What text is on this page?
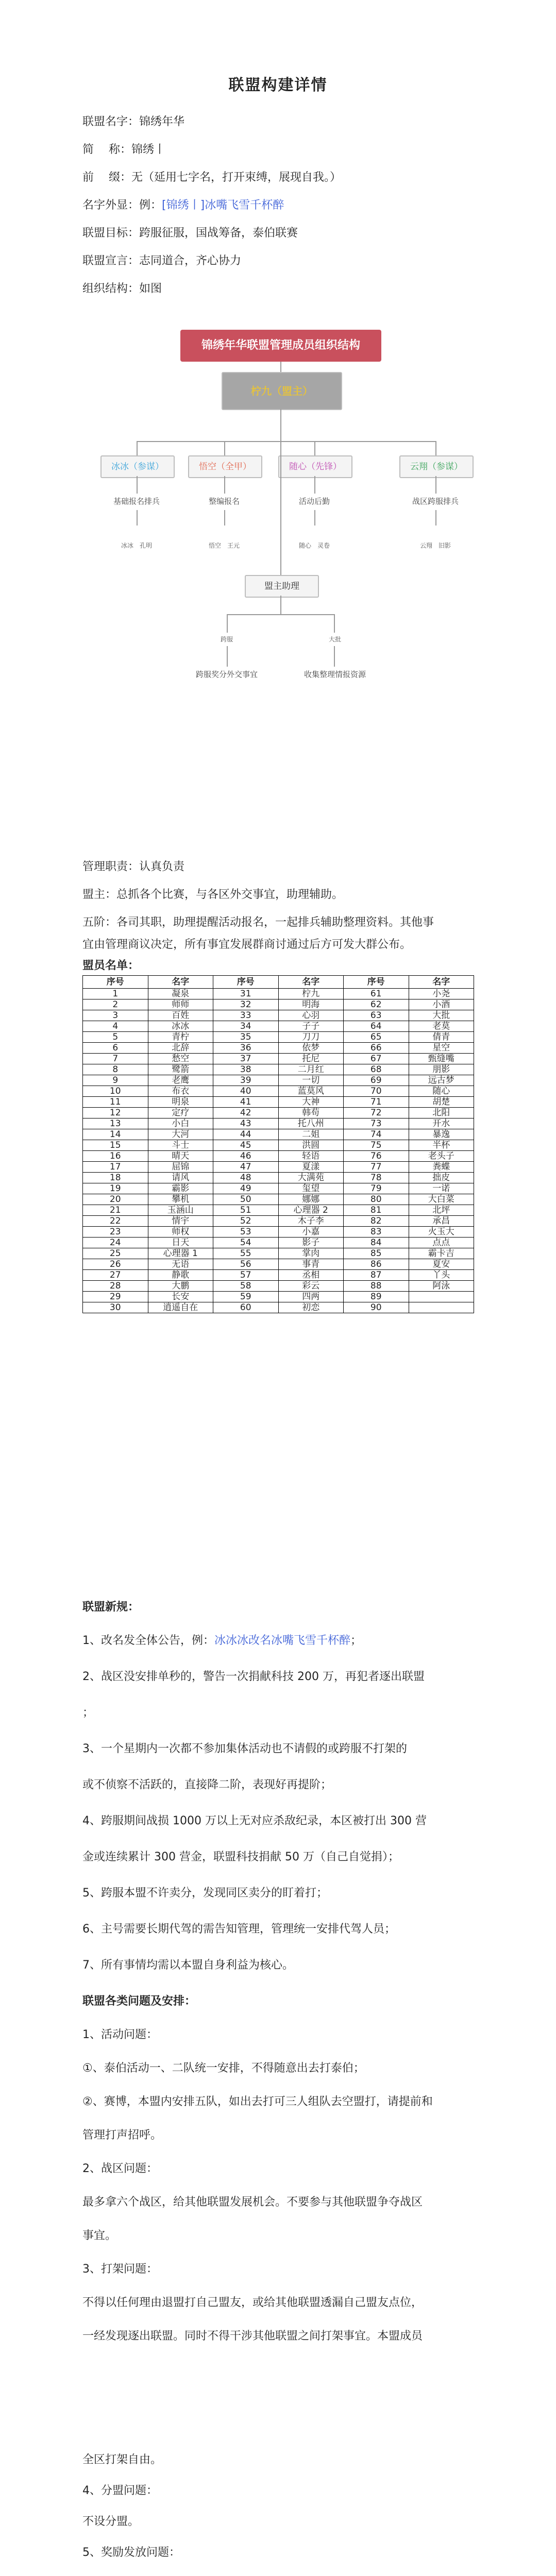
联盟构建详情
联盟名字：锦绣年华
简　 称：锦绣丨
前　 缀：无（延用七字名，打开束缚，展现自我。）
名字外显：例：[锦绣丨]冰嘴飞雪千杯醉
联盟目标：跨服征服，国战筹备，泰伯联赛
联盟宣言：志同道合，齐心协力
组织结构：如图
锦绣年华联盟管理成员组织结构
柠九（盟主）
冰冰（参谋）	悟空（全甲）	随心（先锋）	云翔（参谋）
基础报名排兵	整编报名	活动后勤	战区跨服排兵
冰冰　孔明	悟空　王元	随心　灵卷	云翔　旧影
盟主助理
跨服	大批
跨服奖分外交事宜	收集整理情报资源
管理职责：认真负责
盟主：总抓各个比赛，与各区外交事宜，助理辅助。
五阶：各司其职，助理提醒活动报名，一起排兵辅助整理资料。其他事
宜由管理商议决定，所有事宜发展群商讨通过后方可发大群公布。
盟员名单：
序号	名字	序号	名字	序号	名字
1	凝泉	31	柠九	61	小尧
2	师师	32	明海	62	小酒
3	百姓	33	心羽	63	大批
4	冰冰	34	子子	64	老莫
5	青柠	35	刀刀	65	倩青
6	北辞	36	依梦	66	星空
7	愁空	37	托尼	67	甄缝嘴
8	鹭箭	38	二月红	68	朋影
9	老鹰	39	一切	69	远古梦
10	布衣	40	蓝莫风	70	随心
11	明泉	41	大神	71	胡楚
12	定疗	42	韩苟	72	北阳
13	小白	43	托八州	73	开水
14	大河	44	二姐	74	暴逸
15	斗士	45	洪圆	75	半杯
16	晴天	46	轻语	76	老头子
17	屈锦	47	夏漾	77	粪蝶
18	请风	48	大满苑	78	拙皮
19	霸影	49	玺望	79	一诺
20	攀机	50	娜娜	80	大白菜
21	玉涵山	51	心理器 2	81	北坪
22	情宇	52	木子李	82	承昌
23	师权	53	小嘉	83	火玉大
24	日天	54	影子	84	点点
25	心理器 1	55	掌肉	85	霸卡吉
26	无语	56	事青	86	夏安
27	静歌	57	丞相	87	丫头
28	大鹏	58	彩云	88	阿泳
29	长安	59	四两	89	
30	逍遥自在	60	初恋	90	
联盟新规：
1、改名发全体公告，例：冰冰冰改名冰嘴飞雪千杯醉；
2、战区没安排单秒的，警告一次捐献科技 200 万，再犯者逐出联盟
；
3、一个星期内一次都不参加集体活动也不请假的或跨服不打架的
或不侦察不活跃的，直接降二阶，表现好再提阶；
4、跨服期间战损 1000 万以上无对应杀敌纪录，本区被打出 300 营
金或连续累计 300 营金，联盟科技捐献 50 万（自己自觉捐）；
5、跨服本盟不许卖分，发现同区卖分的盯着打；
6、主号需要长期代驾的需告知管理，管理统一安排代驾人员；
7、所有事情均需以本盟自身利益为核心。
联盟各类问题及安排：
1、活动问题：
①、泰伯活动一、二队统一安排，不得随意出去打泰伯；
②、赛博，本盟内安排五队，如出去打可三人组队去空盟打，请提前和
管理打声招呼。
2、战区问题：
最多拿六个战区，给其他联盟发展机会。不要参与其他联盟争夺战区
事宜。
3、打架问题：
不得以任何理由退盟打自己盟友，或给其他联盟透漏自己盟友点位，
一经发现逐出联盟。同时不得干涉其他联盟之间打架事宜。本盟成员
全区打架自由。
4、分盟问题：
不设分盟。
5、奖励发放问题：
